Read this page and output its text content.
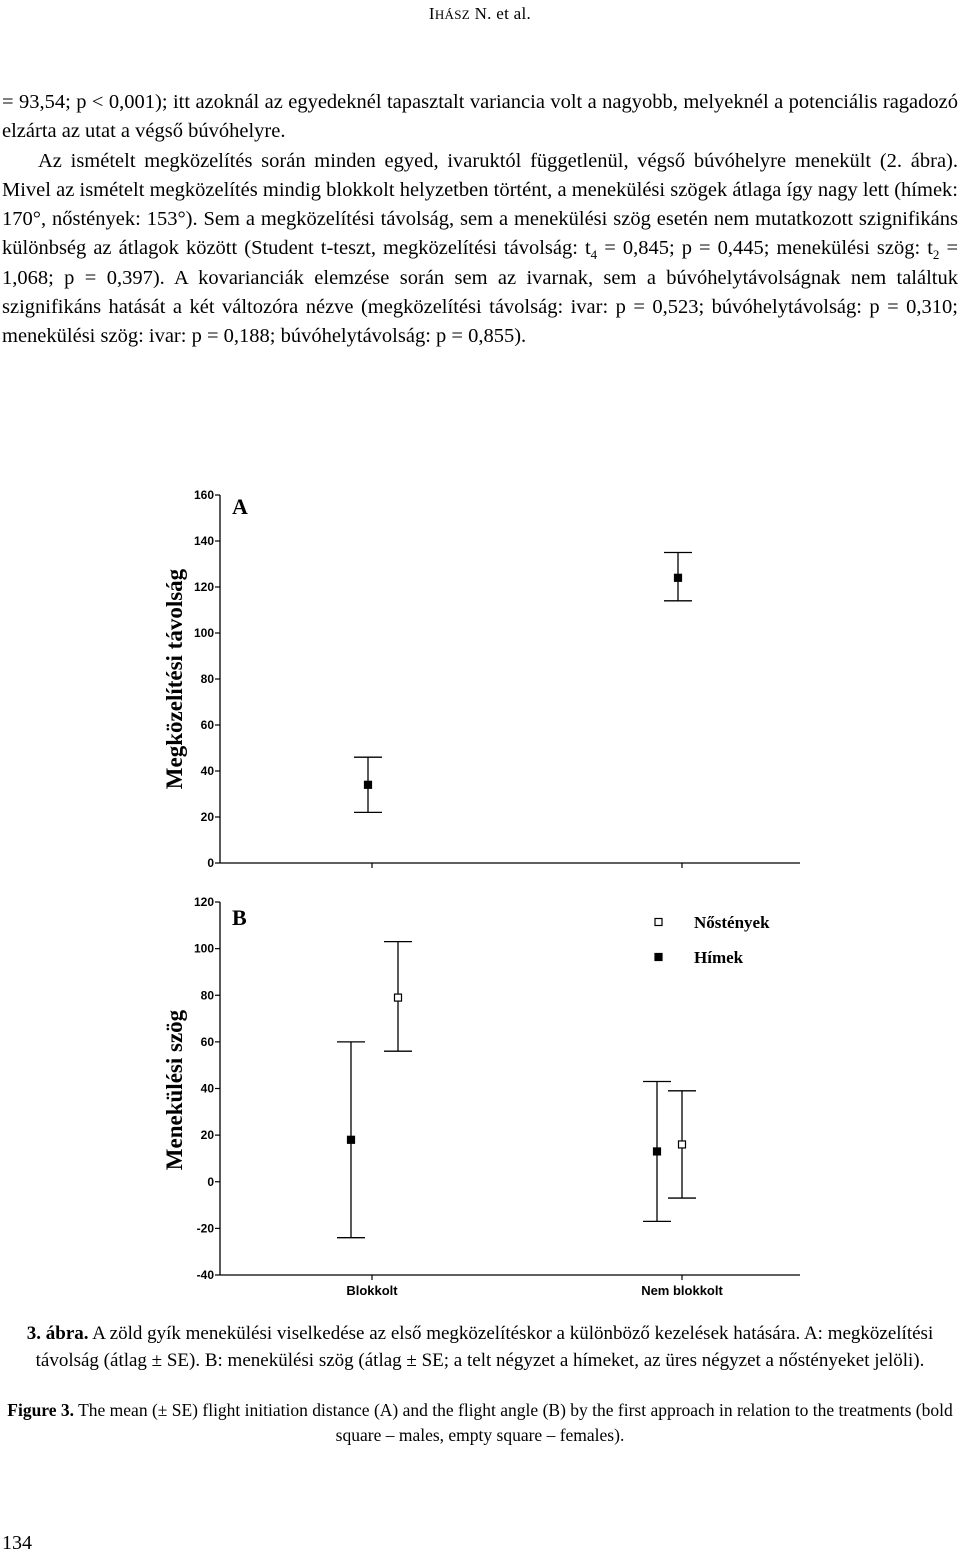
IHÁSZ N. et al.

= 93,54; p < 0,001); itt azoknál az egyedeknél tapasztalt variancia volt a nagyobb, melyeknél a potenciális ragadozó elzárta az utat a végső búvóhelyre.

Az ismételt megközelítés során minden egyed, ivaruktól függetlenül, végső búvóhelyre menekült (2. ábra). Mivel az ismételt megközelítés mindig blokkolt helyzetben történt, a menekülési szögek átlaga így nagy lett (hímek: 170°, nőstények: 153°). Sem a megközelítési távolság, sem a menekülési szög esetén nem mutatkozott szignifikáns különbség az átlagok között (Student t-teszt, megközelítési távolság: $t_4 = 0,845$; p = 0,445; menekülési szög: $t_2 = 1,068$; p = 0,397). A kovarianciák elemzése során sem az ivarnak, sem a búvóhelytávolságnak nem találtuk szignifikáns hatását a két változóra nézve (megközelítési távolság: ivar: p = 0,523; búvóhelytávolság: p = 0,310; menekülési szög: ivar: p = 0,188; búvóhelytávolság: p = 0,855).

0
20
40
60
80
100
120
140
160 A
Megközelítési távolság
-40
-20
0
20
40
60
80
100
120
B
Menekülési szög
Nőstények
Hímek
Blokkolt	Nem blokkolt
3. ábra. A zöld gyík menekülési viselkedése az első megközelítéskor a különböző kezelések hatására. A: megközelítési távolság (átlag ± SE). B: menekülési szög (átlag ± SE; a telt négyzet a hímeket, az üres négyzet a nőstényeket jelöli).
Figure 3. The mean (± SE) flight initiation distance (A) and the flight angle (B) by the first approach in relation to the treatments (bold square – males, empty square – females).
134
